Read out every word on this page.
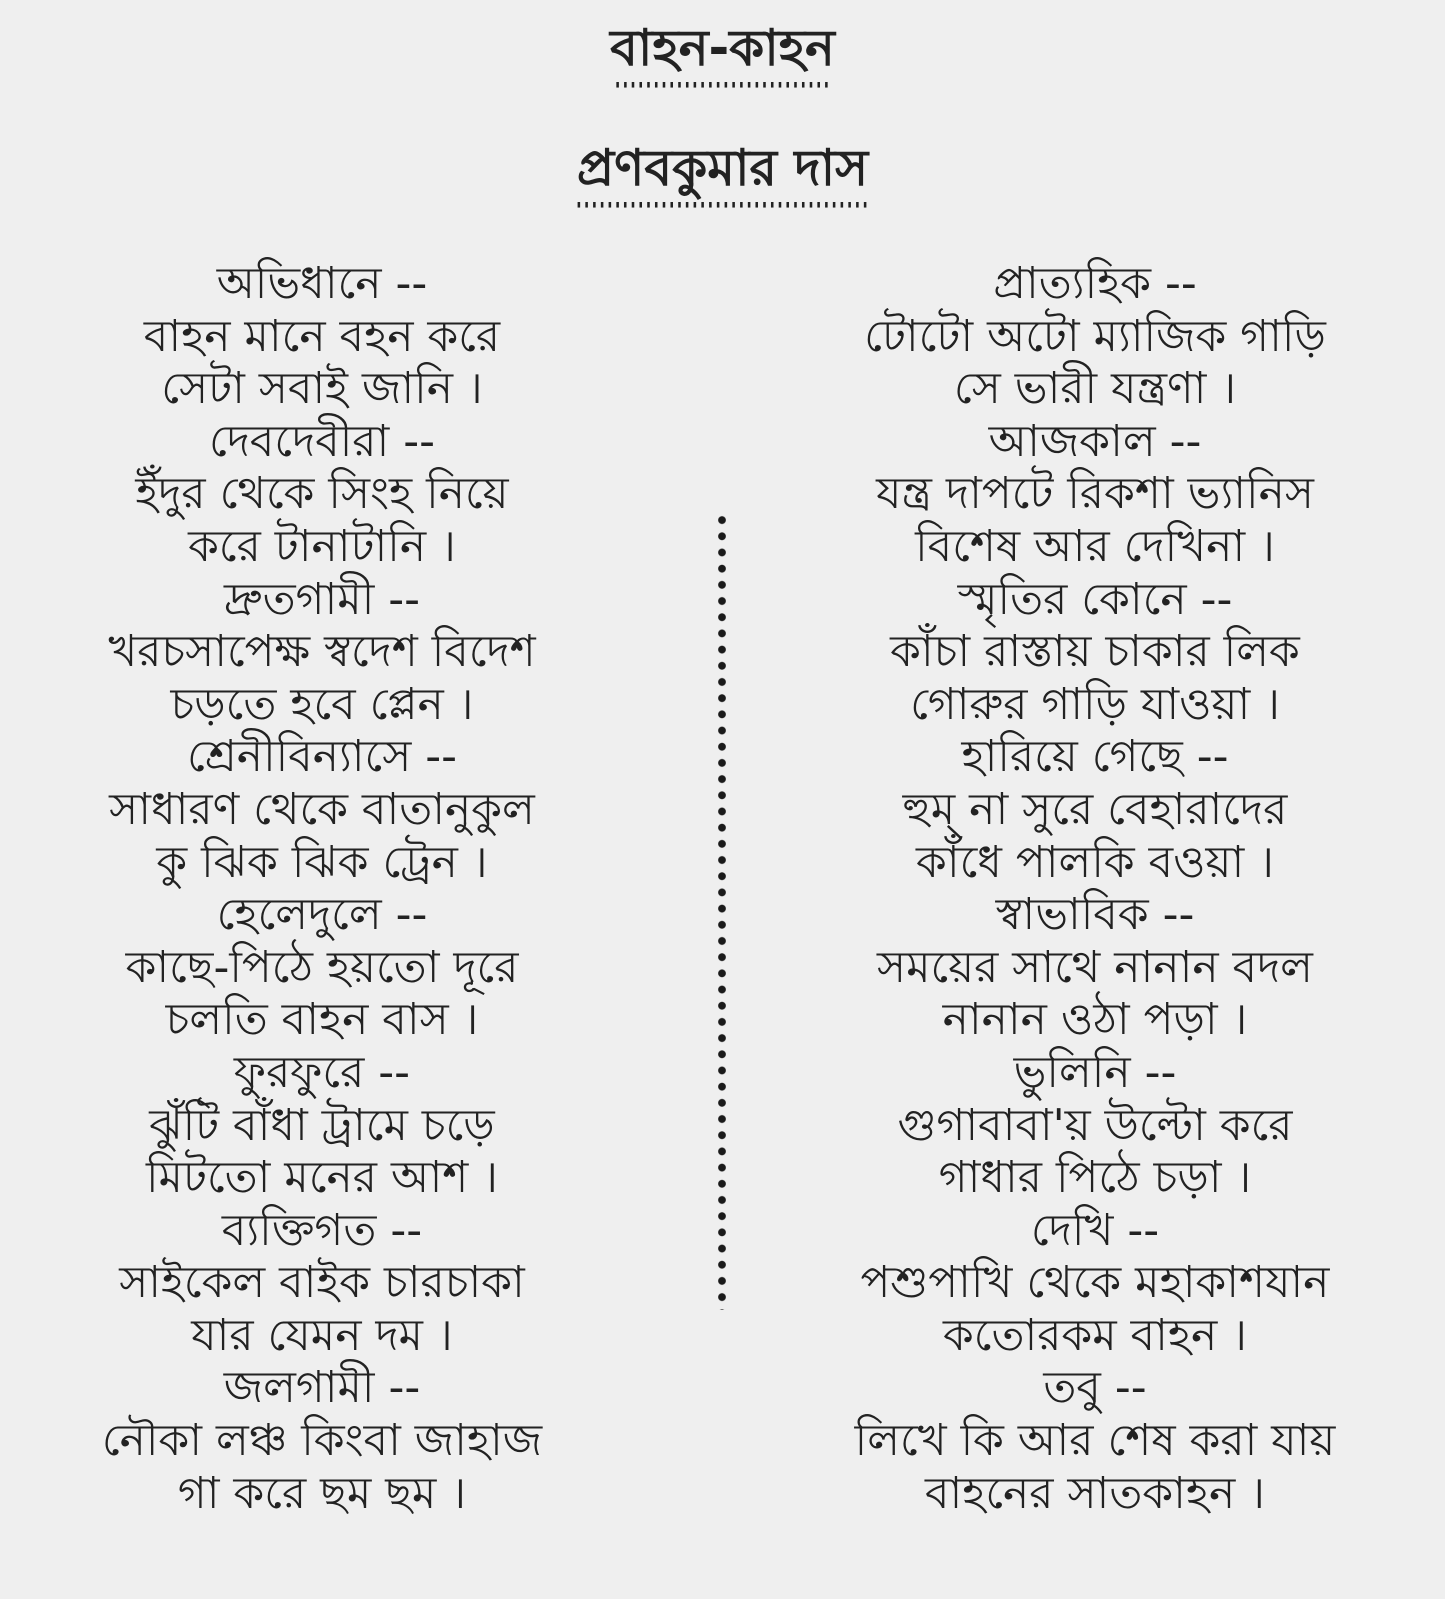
বাহন-কাহন
''''''''''''''''''''''''''''
প্রণবকুমার দাস
''''''''''''''''''''''''''''''''''''''
অভিধানে --
বাহন মানে বহন করে
সেটা সবাই জানি ।
দেবদেবীরা --
ইঁদুর থেকে সিংহ নিয়ে
করে টানাটানি ।
দ্রুতগামী --
খরচসাপেক্ষ স্বদেশ বিদেশ
চড়তে হবে প্লেন ।
শ্রেনীবিন্যাসে --
সাধারণ থেকে বাতানুকুল
কু ঝিক ঝিক ট্রেন ।
হেলেদুলে --
কাছে-পিঠে হয়তো দূরে
চলতি বাহন বাস ।
ফুরফুরে --
ঝুঁটি বাঁধা ট্রামে চড়ে
মিটতো মনের আশ ।
ব্যক্তিগত --
সাইকেল বাইক চারচাকা
যার যেমন দম ।
জলগামী --
নৌকা লঞ্চ কিংবা জাহাজ
গা করে ছম ছম ।
প্রাত্যহিক --
টোটো অটো ম্যাজিক গাড়ি
সে ভারী যন্ত্রণা ।
আজকাল --
যন্ত্র দাপটে রিকশা ভ্যানিস
বিশেষ আর দেখিনা ।
স্মৃতির কোনে --
কাঁচা রাস্তায় চাকার লিক
গোরুর গাড়ি যাওয়া ।
হারিয়ে গেছে --
হুম্ না সুরে বেহারাদের
কাঁধে পালকি বওয়া ।
স্বাভাবিক --
সময়ের সাথে নানান বদল
নানান ওঠা পড়া ।
ভুলিনি --
গুগাবাবা'য় উল্টো করে
গাধার পিঠে চড়া ।
দেখি --
পশুপাখি থেকে মহাকাশযান
কতোরকম বাহন ।
তবু --
লিখে কি আর শেষ করা যায়
বাহনের সাতকাহন ।
